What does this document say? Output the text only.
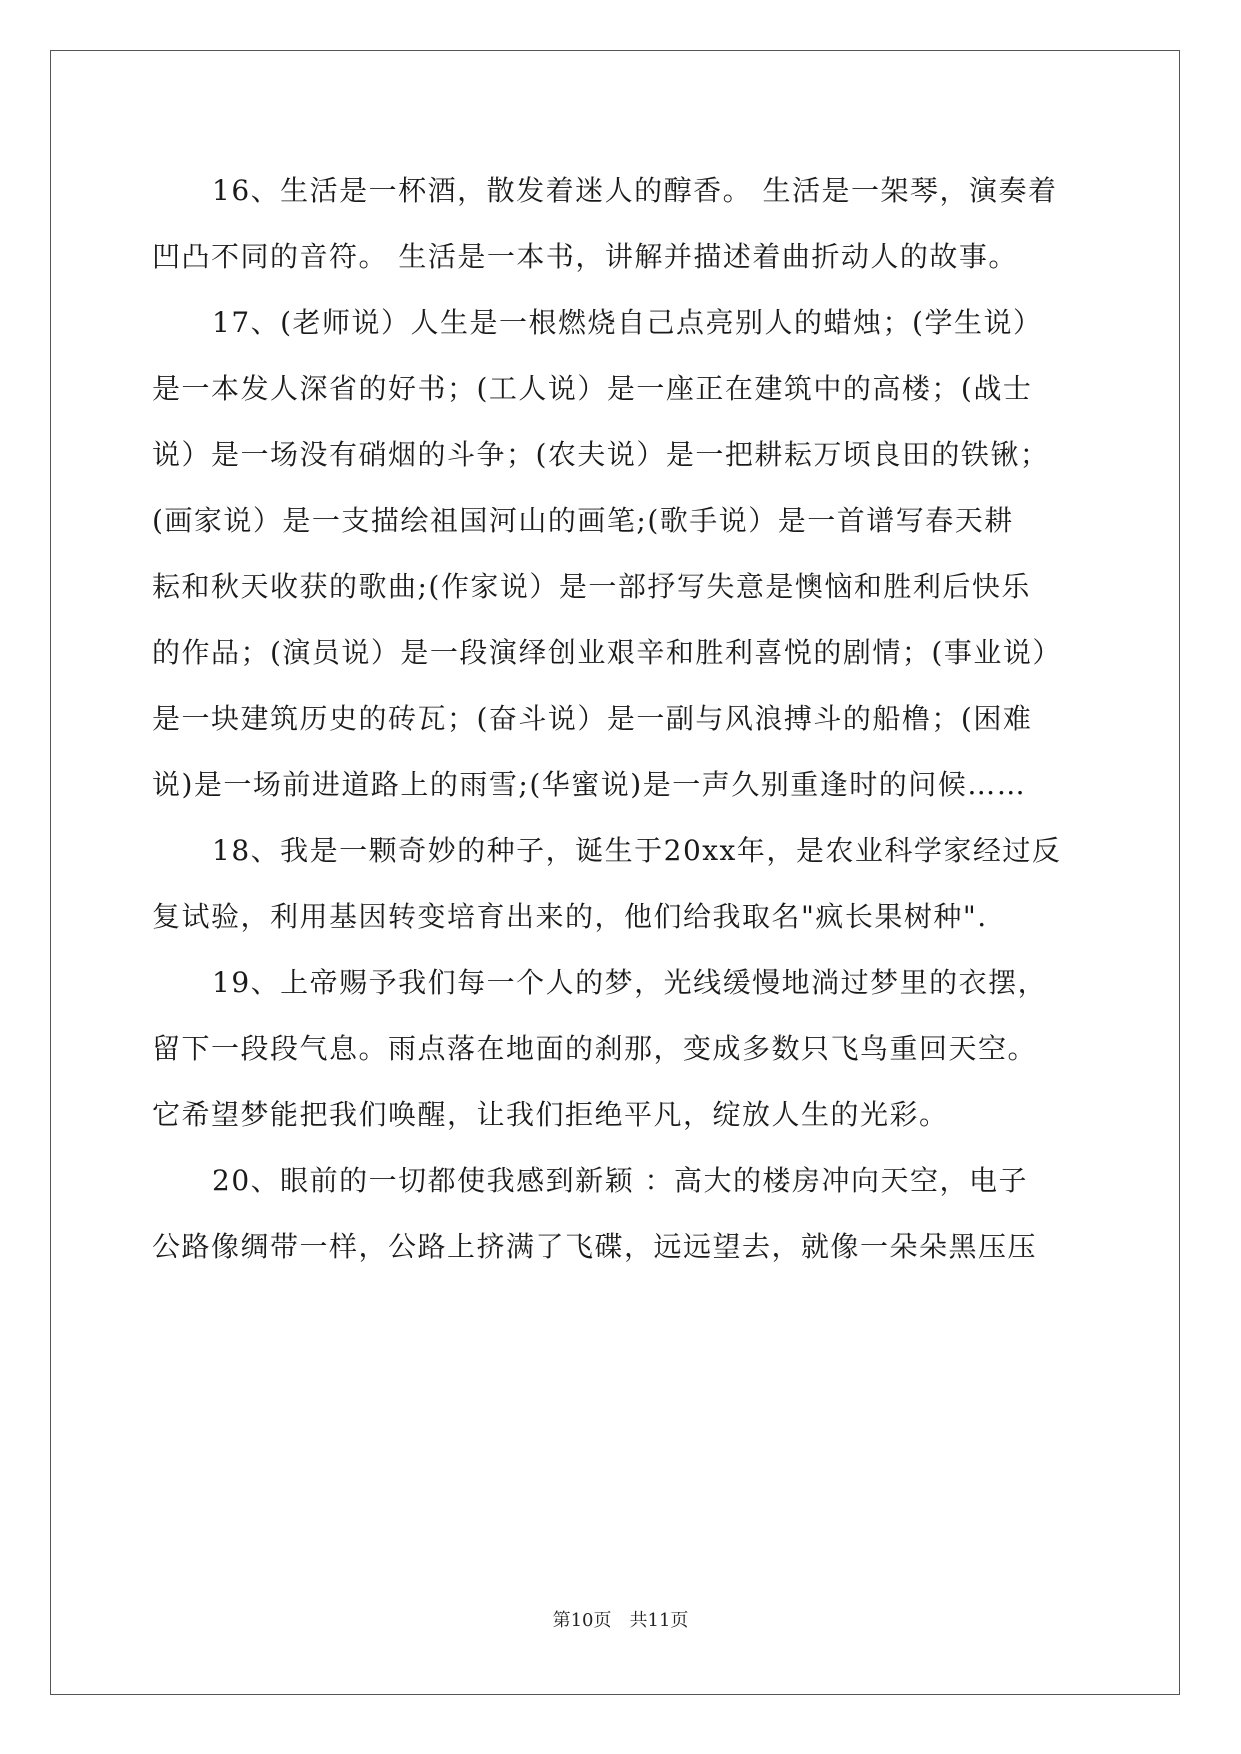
16、生活是一杯酒，散发着迷人的醇香。 生活是一架琴，演奏着
凹凸不同的音符。 生活是一本书，讲解并描述着曲折动人的故事。
17、(老师说）人生是一根燃烧自己点亮别人的蜡烛；(学生说）
是一本发人深省的好书；(工人说）是一座正在建筑中的高楼；(战士
说）是一场没有硝烟的斗争；(农夫说）是一把耕耘万顷良田的铁锹；
(画家说）是一支描绘祖国河山的画笔;(歌手说）是一首谱写春天耕
耘和秋天收获的歌曲;(作家说）是一部抒写失意是懊恼和胜利后快乐
的作品；(演员说）是一段演绎创业艰辛和胜利喜悦的剧情；(事业说）
是一块建筑历史的砖瓦；(奋斗说）是一副与风浪搏斗的船橹；(困难
说)是一场前进道路上的雨雪;(华蜜说)是一声久别重逢时的问候……
18、我是一颗奇妙的种子，诞生于20xx年，是农业科学家经过反
复试验，利用基因转变培育出来的，他们给我取名"疯长果树种".
19、上帝赐予我们每一个人的梦，光线缓慢地淌过梦里的衣摆，
留下一段段气息。雨点落在地面的刹那，变成多数只飞鸟重回天空。
它希望梦能把我们唤醒，让我们拒绝平凡，绽放人生的光彩。
20、眼前的一切都使我感到新颖 ：高大的楼房冲向天空，电子
公路像绸带一样，公路上挤满了飞碟，远远望去，就像一朵朵黑压压
第10页　共11页
